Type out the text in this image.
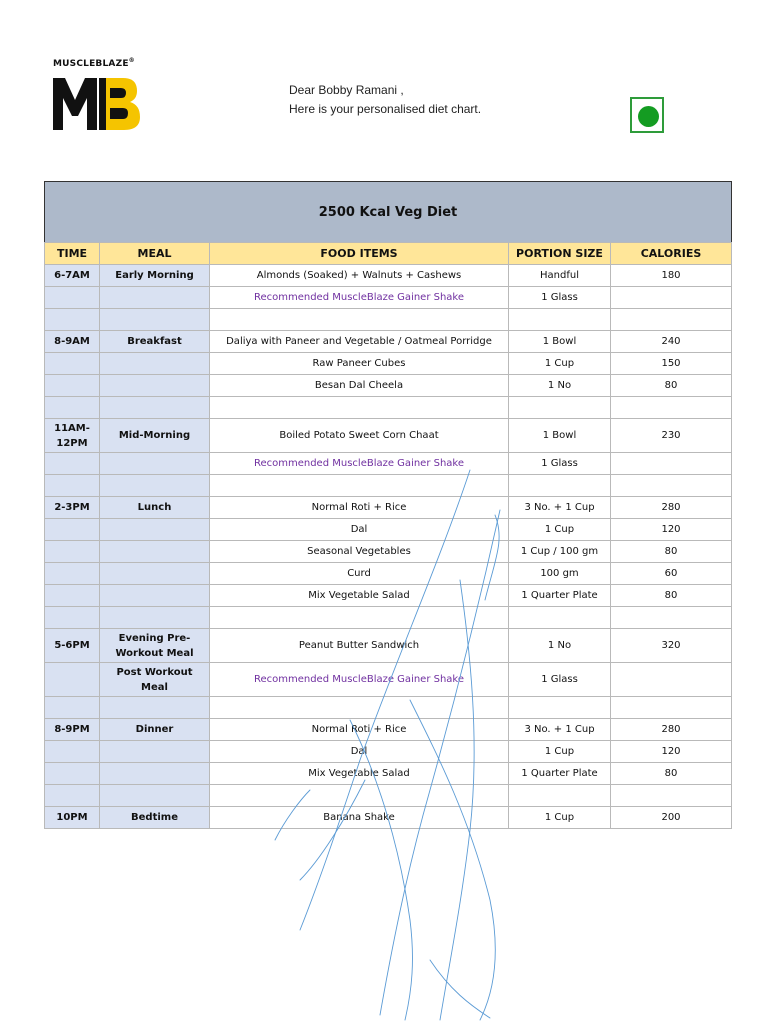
MUSCLEBLAZE®
Dear Bobby Ramani ,
Here is your personalised diet chart.
2500 Kcal Veg Diet				
TIME	MEAL	FOOD ITEMS	PORTION SIZE	CALORIES
6-7AM	Early Morning	Almonds (Soaked) + Walnuts + Cashews	Handful	180
		Recommended MuscleBlaze Gainer Shake	1 Glass	

8-9AM	Breakfast	Daliya with Paneer and Vegetable / Oatmeal Porridge	1 Bowl	240
		Raw Paneer Cubes	1 Cup	150
		Besan Dal Cheela	1 No	80

11AM-12PM	Mid-Morning	Boiled Potato Sweet Corn Chaat	1 Bowl	230
		Recommended MuscleBlaze Gainer Shake	1 Glass	

2-3PM	Lunch	Normal Roti + Rice	3 No. + 1 Cup	280
		Dal	1 Cup	120
		Seasonal Vegetables	1 Cup / 100 gm	80
		Curd	100 gm	60
		Mix Vegetable Salad	1 Quarter Plate	80

5-6PM	Evening Pre-Workout Meal	Peanut Butter Sandwich	1 No	320
	Post Workout Meal	Recommended MuscleBlaze Gainer Shake	1 Glass	

8-9PM	Dinner	Normal Roti + Rice	3 No. + 1 Cup	280
		Dal	1 Cup	120
		Mix Vegetable Salad	1 Quarter Plate	80

10PM	Bedtime	Banana Shake	1 Cup	200
